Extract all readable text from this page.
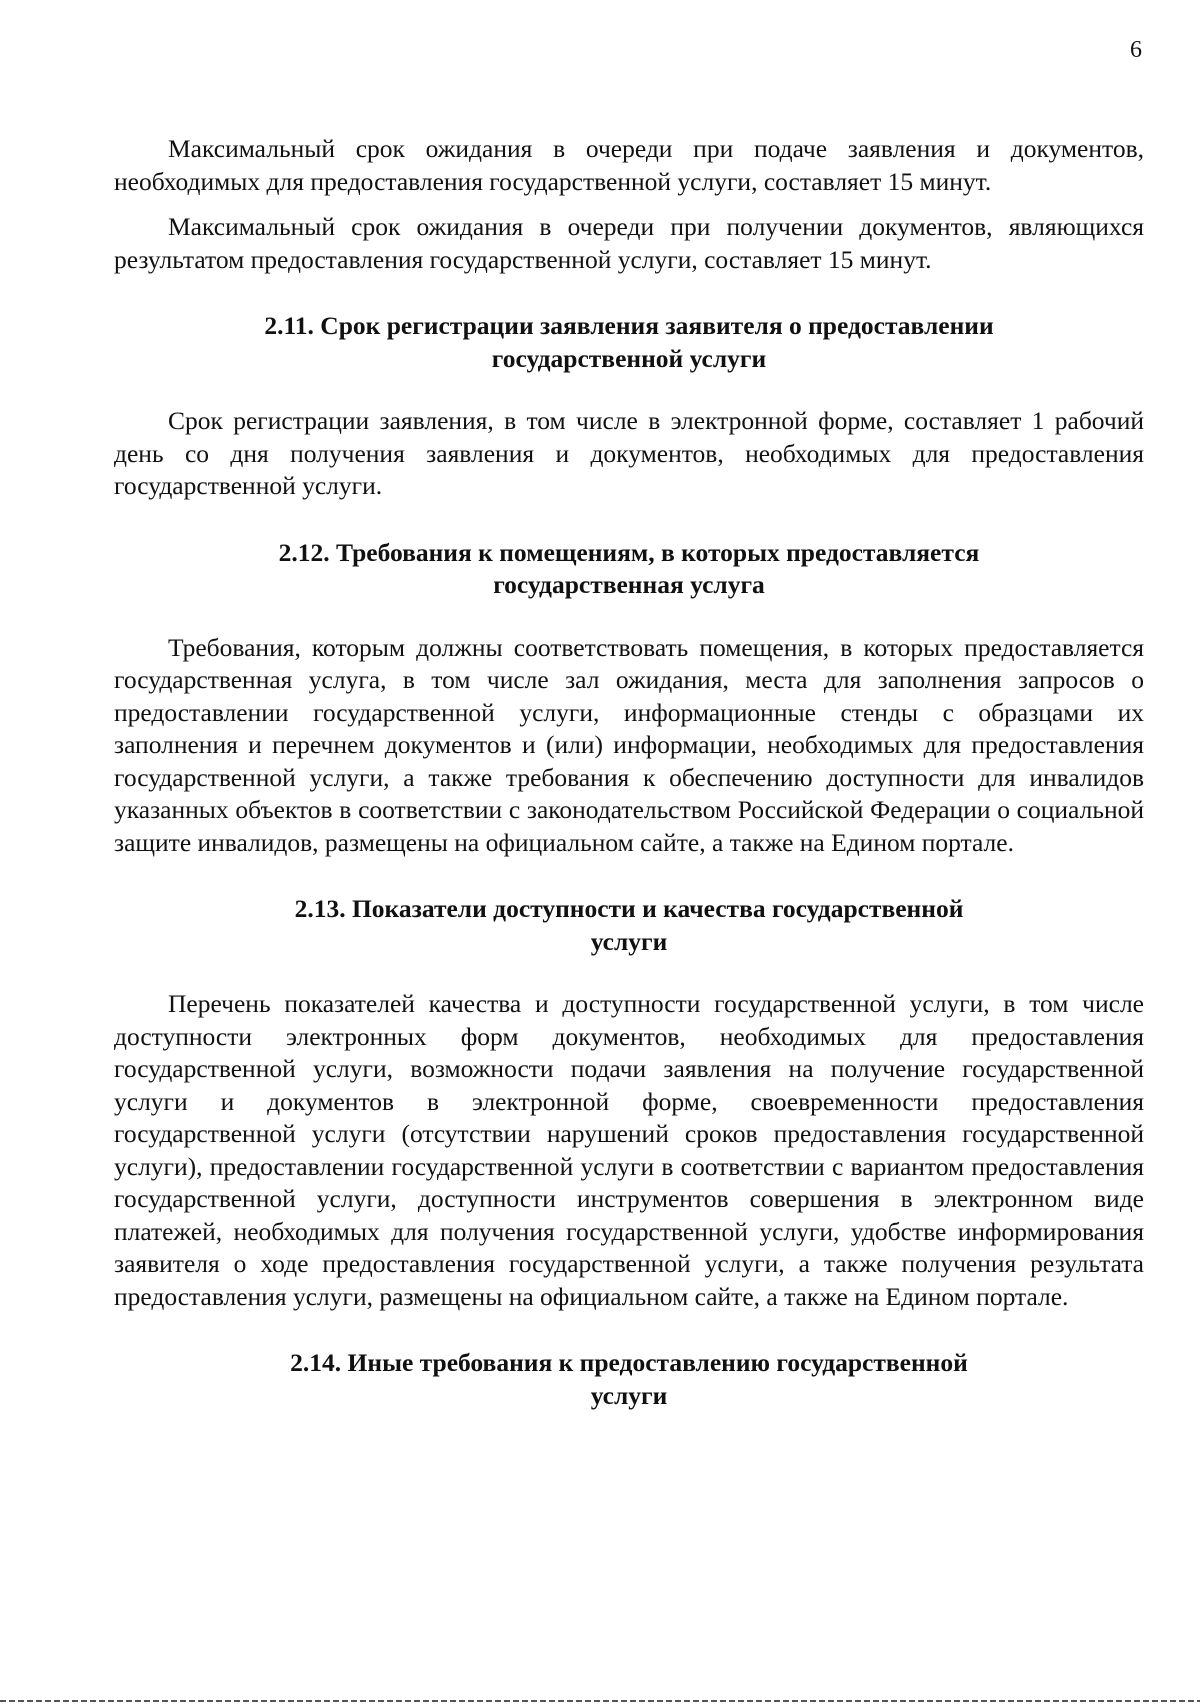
6

Максимальный срок ожидания в очереди при подаче заявления и документов, необходимых для предоставления государственной услуги, составляет 15 минут.

Максимальный срок ожидания в очереди при получении документов, являющихся результатом предоставления государственной услуги, составляет 15 минут.

2.11. Срок регистрации заявления заявителя о предоставлении
государственной услуги

Срок регистрации заявления, в том числе в электронной форме, составляет 1 рабочий день со дня получения заявления и документов, необходимых для предоставления государственной услуги.

2.12. Требования к помещениям, в которых предоставляется
государственная услуга

Требования, которым должны соответствовать помещения, в которых предоставляется государственная услуга, в том числе зал ожидания, места для заполнения запросов о предоставлении государственной услуги, информационные стенды с образцами их заполнения и перечнем документов и (или) информации, необходимых для предоставления государственной услуги, а также требования к обеспечению доступности для инвалидов указанных объектов в соответствии с законодательством Российской Федерации о социальной защите инвалидов, размещены на официальном сайте, а также на Едином портале.

2.13. Показатели доступности и качества государственной
услуги

Перечень показателей качества и доступности государственной услуги, в том числе доступности электронных форм документов, необходимых для предоставления государственной услуги, возможности подачи заявления на получение государственной услуги и документов в электронной форме, своевременности предоставления государственной услуги (отсутствии нарушений сроков предоставления государственной услуги), предоставлении государственной услуги в соответствии с вариантом предоставления государственной услуги, доступности инструментов совершения в электронном виде платежей, необходимых для получения государственной услуги, удобстве информирования заявителя о ходе предоставления государственной услуги, а также получения результата предоставления услуги, размещены на официальном сайте, а также на Едином портале.

2.14. Иные требования к предоставлению государственной
услуги
